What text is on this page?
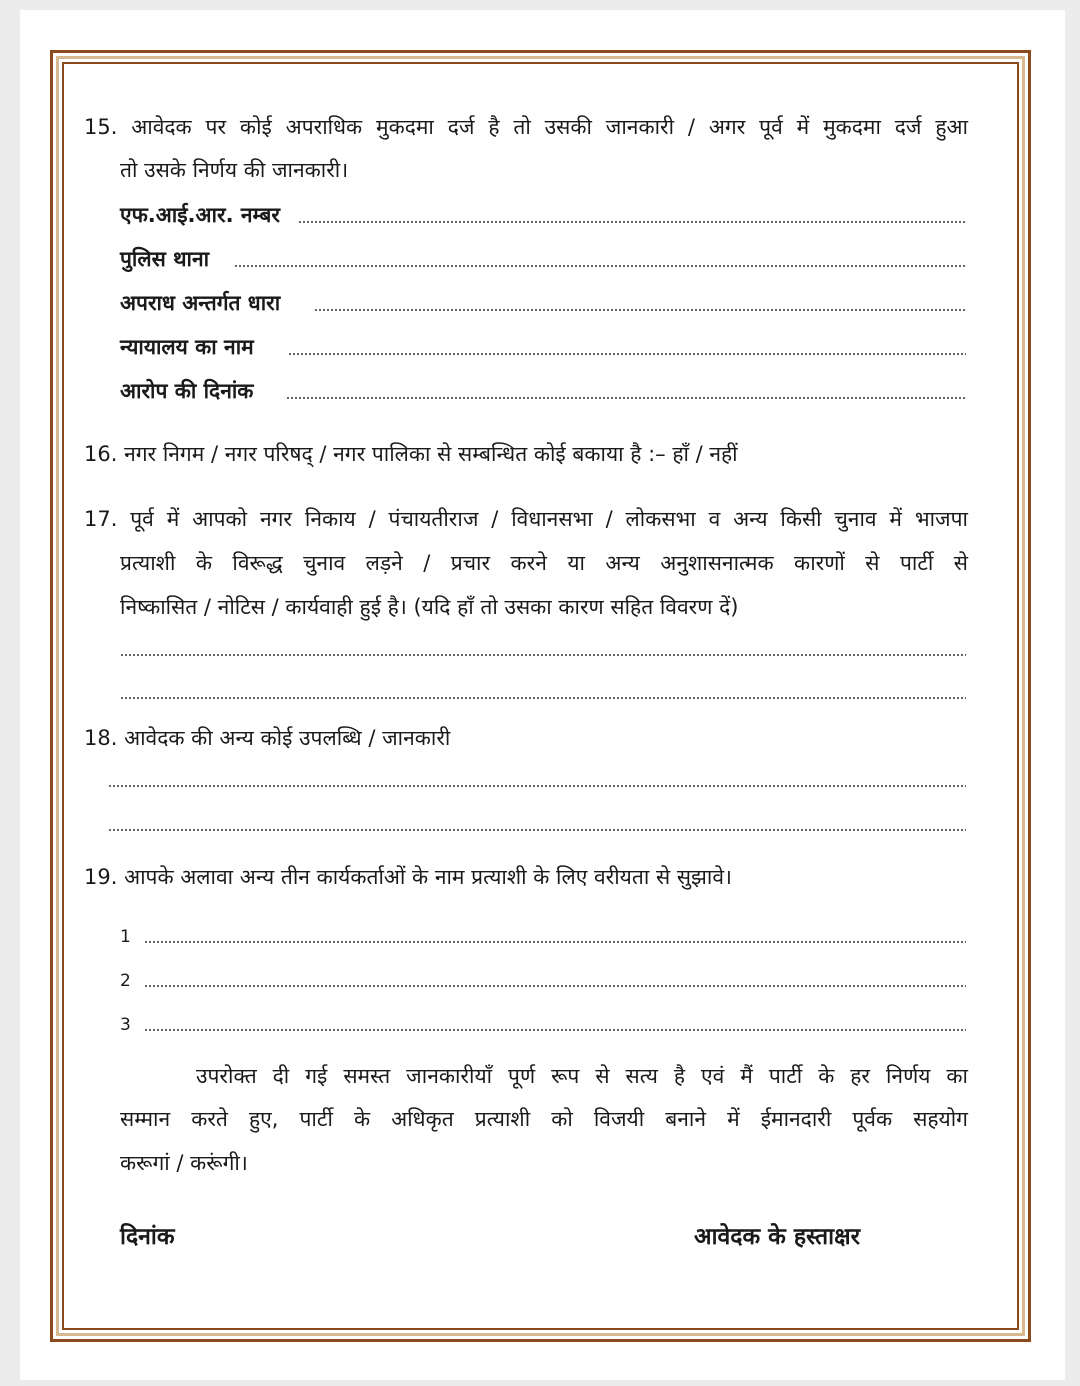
15. आवेदक पर कोई अपराधिक मुकदमा दर्ज है तो उसकी जानकारी / अगर पूर्व में मुकदमा दर्ज हुआ
तो उसके निर्णय की जानकारी।
एफ.आई.आर. नम्बर
पुलिस थाना
अपराध अन्तर्गत धारा
न्यायालय का नाम
आरोप की दिनांक
16. नगर निगम / नगर परिषद् / नगर पालिका से सम्बन्धित कोई बकाया है :– हाँ / नहीं
17. पूर्व में आपको नगर निकाय / पंचायतीराज / विधानसभा / लोकसभा व अन्य किसी चुनाव में भाजपा
प्रत्याशी के विरूद्ध चुनाव लड़ने / प्रचार करने या अन्य अनुशासनात्मक कारणों से पार्टी से
निष्कासित / नोटिस / कार्यवाही हुई है। (यदि हाँ तो उसका कारण सहित विवरण दें)
18. आवेदक की अन्य कोई उपलब्धि / जानकारी
19. आपके अलावा अन्य तीन कार्यकर्ताओं के नाम प्रत्याशी के लिए वरीयता से सुझावे।
1
2
3
उपरोक्त दी गई समस्त जानकारीयाँ पूर्ण रूप से सत्य है एवं मैं पार्टी के हर निर्णय का
सम्मान करते हुए, पार्टी के अधिकृत प्रत्याशी को विजयी बनाने में ईमानदारी पूर्वक सहयोग
करूगां / करूंगी।
दिनांक	आवेदक के हस्ताक्षर
